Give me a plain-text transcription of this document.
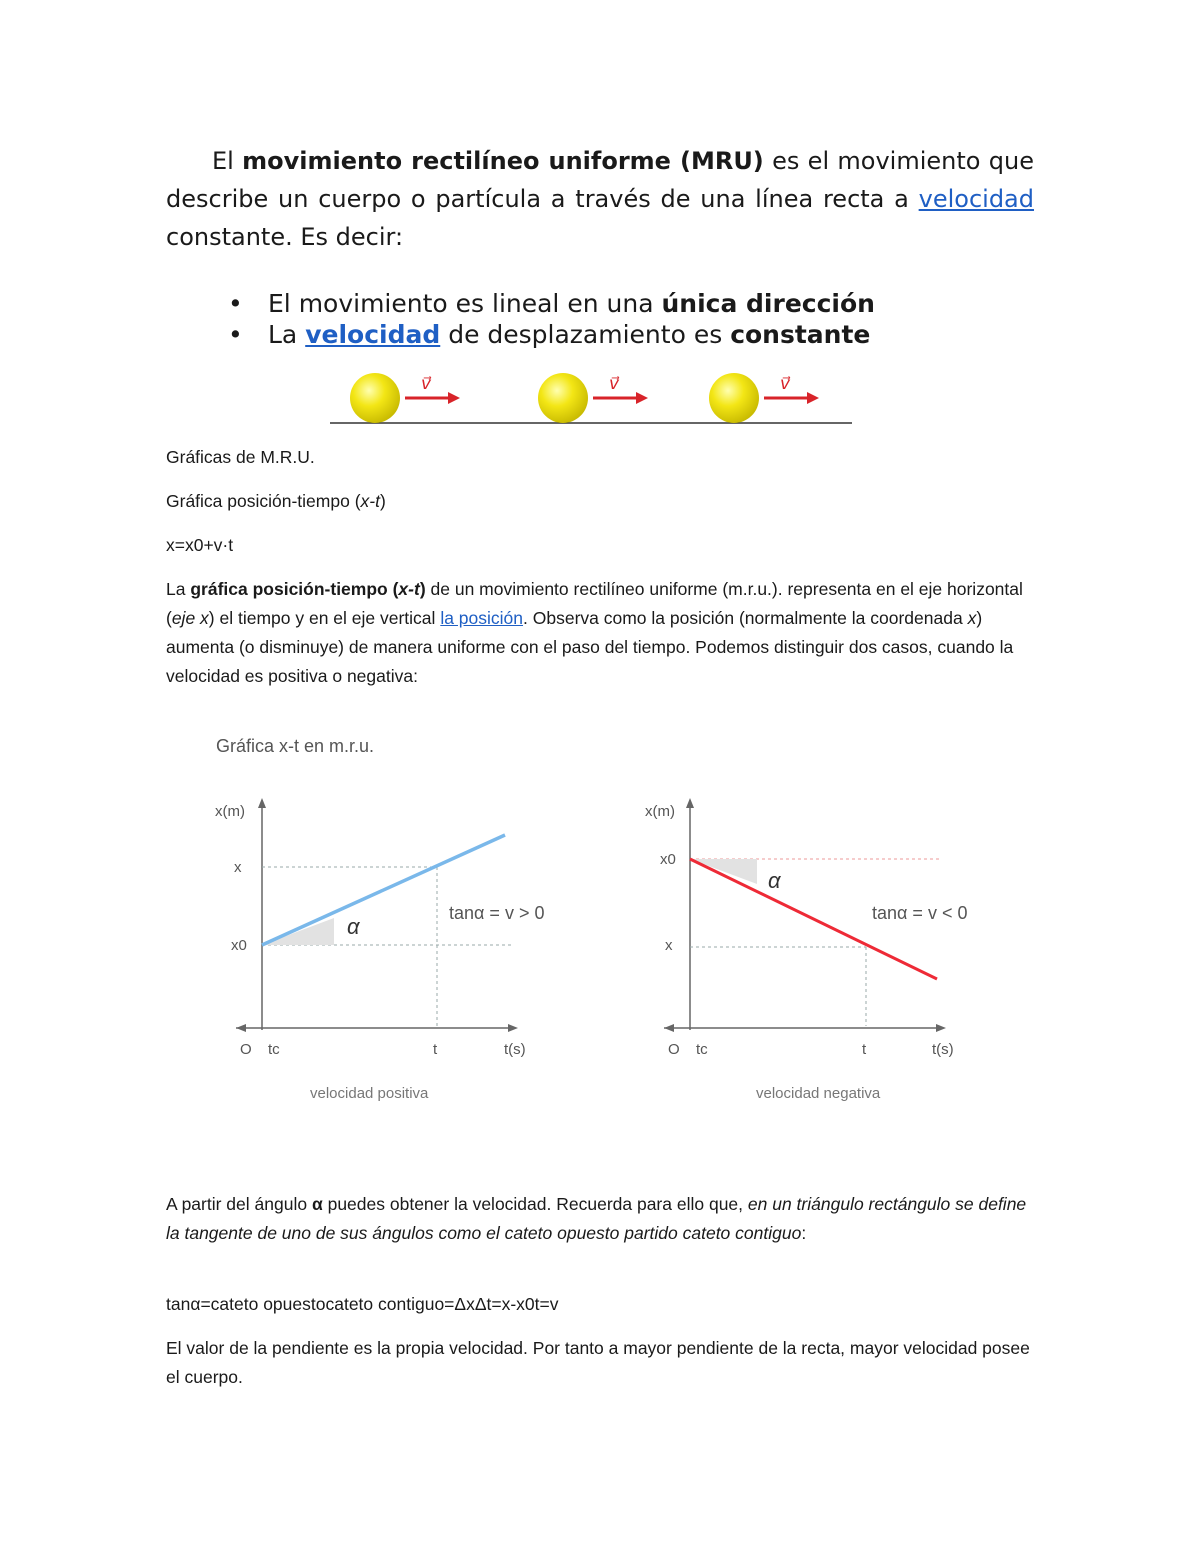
El movimiento rectilíneo uniforme (MRU) es el movimiento que describe un cuerpo o partícula a través de una línea recta a velocidad constante. Es decir:

• El movimiento es lineal en una única dirección
• La velocidad de desplazamiento es constante
v⃗	v⃗	v⃗

Gráficas de M.R.U.

Gráfica posición-tiempo (x-t)

x=x0+v·t

La gráfica posición-tiempo (x-t) de un movimiento rectilíneo uniforme (m.r.u.). representa en el eje horizontal (eje x) el tiempo y en el eje vertical la posición. Observa como la posición (normalmente la coordenada x) aumenta (o disminuye) de manera uniforme con el paso del tiempo. Podemos distinguir dos casos, cuando la velocidad es positiva o negativa:

Gráfica x-t en m.r.u.
x(m)
x
x0
O tc	t	t(s)
α
tanα = v > 0
velocidad positiva
x(m)
x0
x
O tc	t	t(s)
α
tanα = v < 0
velocidad negativa

A partir del ángulo α puedes obtener la velocidad. Recuerda para ello que, en un triángulo rectángulo se define la tangente de uno de sus ángulos como el cateto opuesto partido cateto contiguo:

tanα=cateto opuestocateto contiguo=ΔxΔt=x-x0t=v

El valor de la pendiente es la propia velocidad. Por tanto a mayor pendiente de la recta, mayor velocidad posee el cuerpo.
